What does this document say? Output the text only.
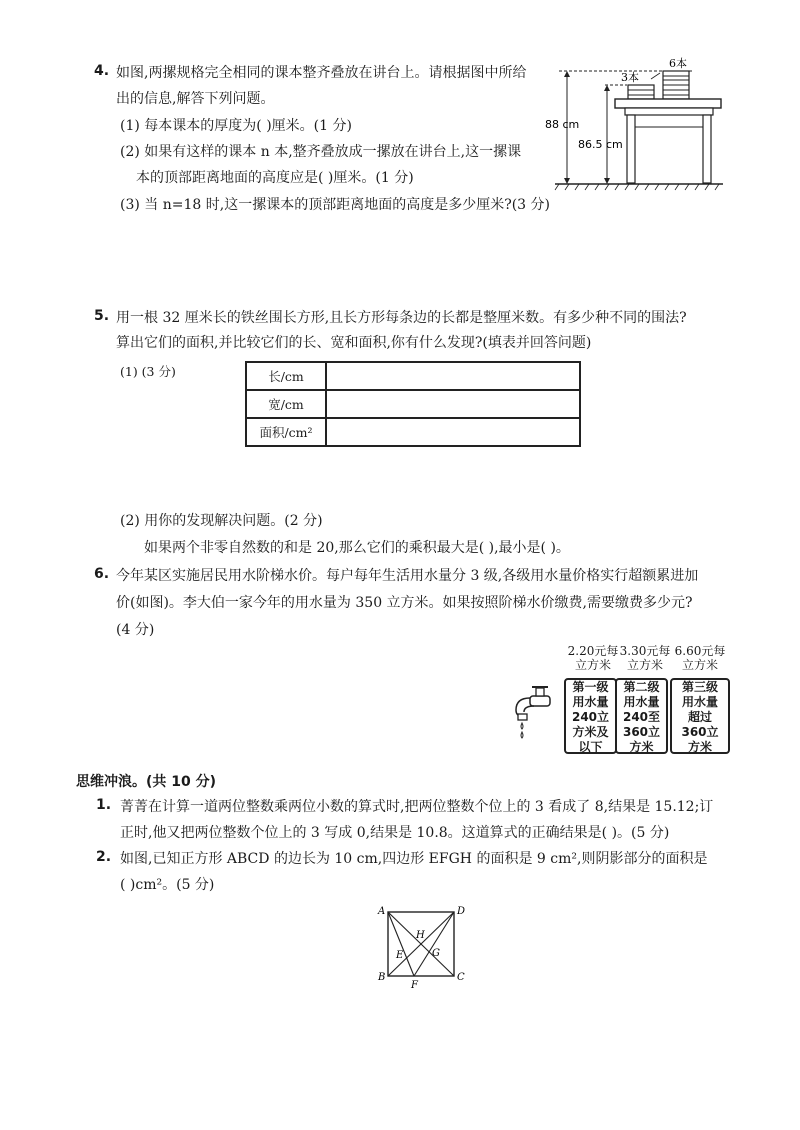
4. 如图,两摞规格完全相同的课本整齐叠放在讲台上。请根据图中所给
出的信息,解答下列问题。
(1) 每本课本的厚度为( )厘米。(1 分)
(2) 如果有这样的课本 n 本,整齐叠放成一摞放在讲台上,这一摞课
本的顶部距离地面的高度应是( )厘米。(1 分)
(3) 当 n=18 时,这一摞课本的顶部距离地面的高度是多少厘米?(3 分)
88 cm
86.5 cm
3本
6本
5. 用一根 32 厘米长的铁丝围长方形,且长方形每条边的长都是整厘米数。有多少种不同的围法?
算出它们的面积,并比较它们的长、宽和面积,你有什么发现?(填表并回答问题)
(1) (3 分)	长/cm	
宽/cm	
面积/cm²	
(2) 用你的发现解决问题。(2 分)
如果两个非零自然数的和是 20,那么它们的乘积最大是( ),最小是( )。
6. 今年某区实施居民用水阶梯水价。每户每年生活用水量分 3 级,各级用水量价格实行超额累进加
价(如图)。李大伯一家今年的用水量为 350 立方米。如果按照阶梯水价缴费,需要缴费多少元?
(4 分)
2.20元每
立方米
3.30元每
立方米
6.60元每
立方米
第一级
用水量
240立
方米及
以下
第二级
用水量
240至
360立
方米
第三级
用水量
超过
360立
方米
思维冲浪。(共 10 分)
1. 菁菁在计算一道两位整数乘两位小数的算式时,把两位整数个位上的 3 看成了 8,结果是 15.12;订
正时,他又把两位整数个位上的 3 写成 0,结果是 10.8。这道算式的正确结果是( )。(5 分)
2. 如图,已知正方形 ABCD 的边长为 10 cm,四边形 EFGH 的面积是 9 cm²,则阴影部分的面积是
( )cm²。(5 分)
A	D
B	C
F
H
E	G
